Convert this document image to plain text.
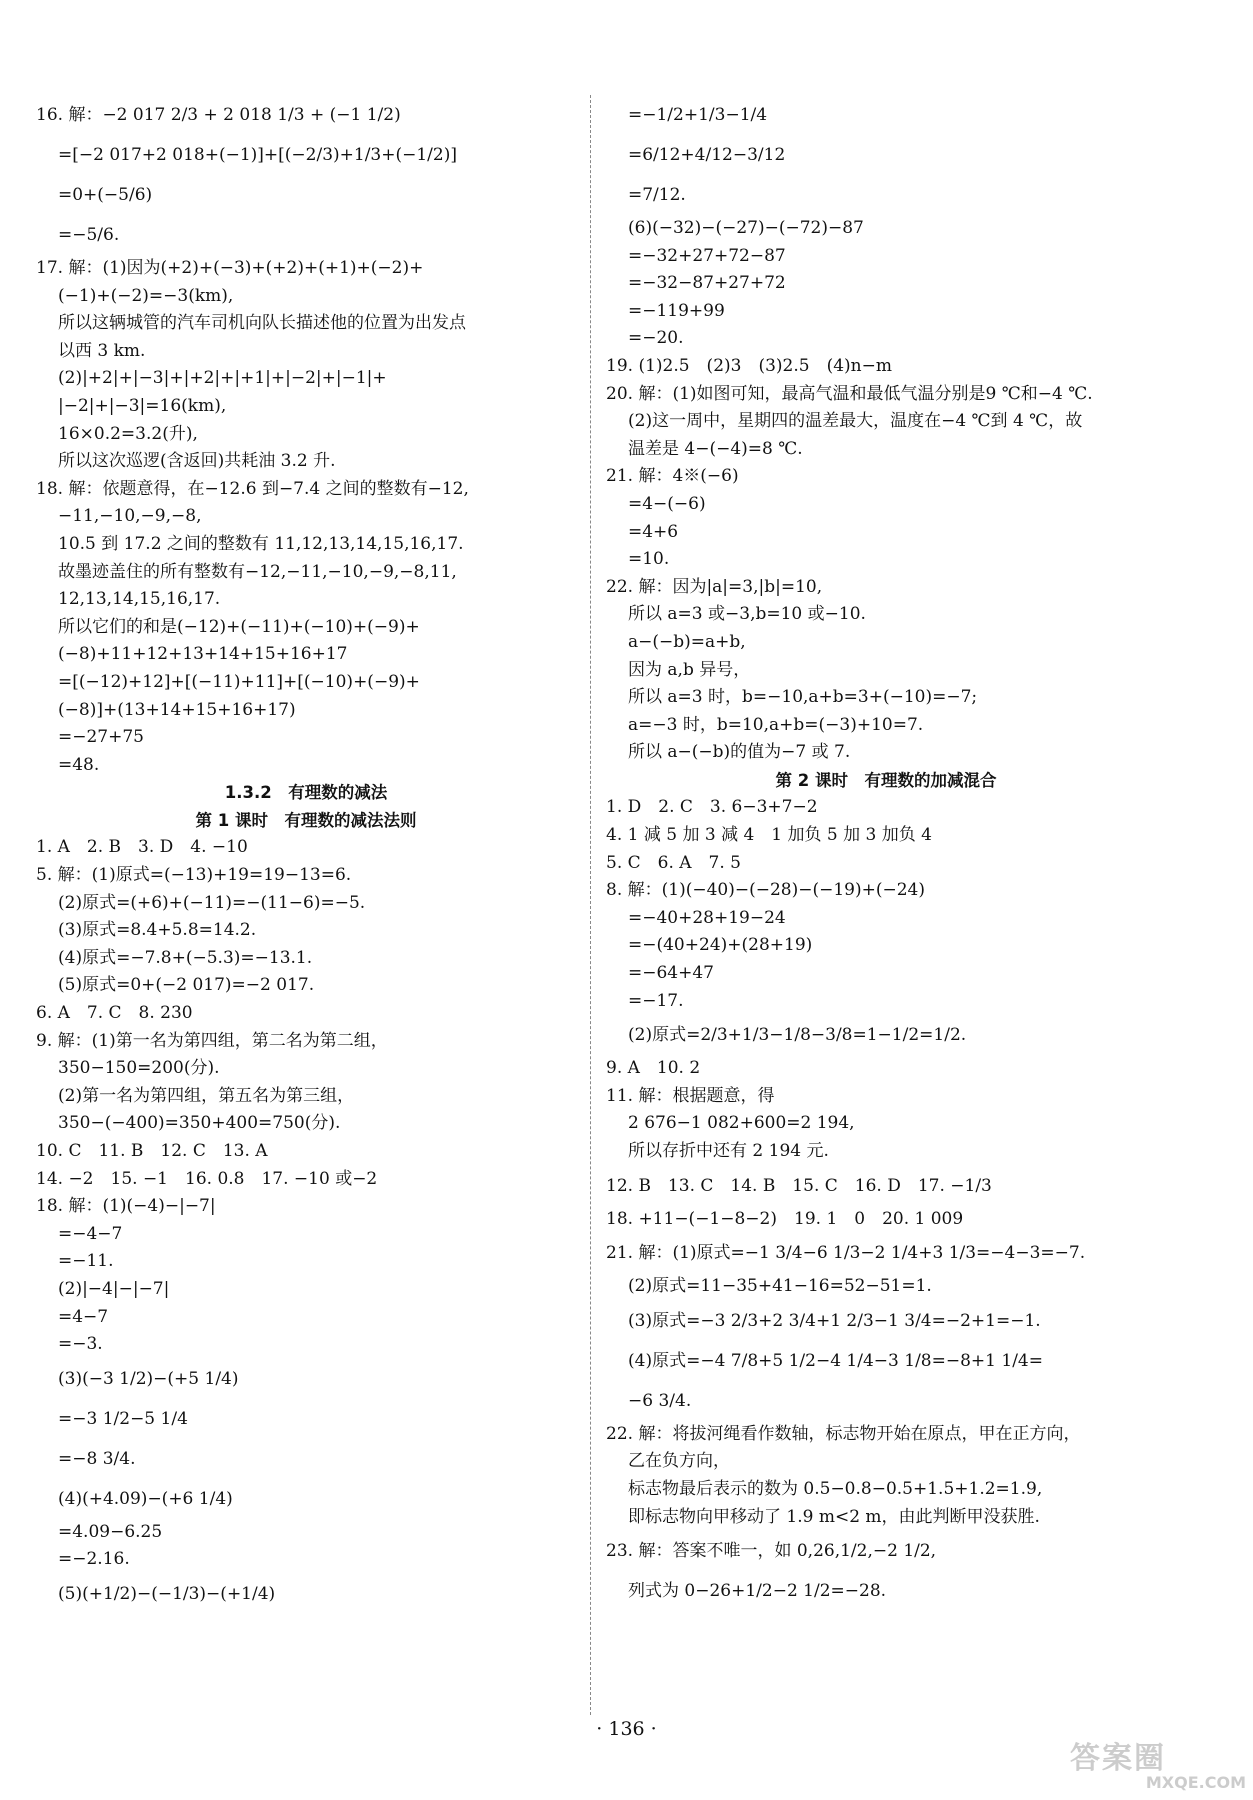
16. 解：−2 017 2/3 + 2 018 1/3 + (−1 1/2)
=[−2 017+2 018+(−1)]+[(−2/3)+1/3+(−1/2)]
=0+(−5/6)
=−5/6.
17. 解：(1)因为(+2)+(−3)+(+2)+(+1)+(−2)+
(−1)+(−2)=−3(km),
所以这辆城管的汽车司机向队长描述他的位置为出发点
以西 3 km.
(2)|+2|+|−3|+|+2|+|+1|+|−2|+|−1|+
|−2|+|−3|=16(km),
16×0.2=3.2(升),
所以这次巡逻(含返回)共耗油 3.2 升.
18. 解：依题意得，在−12.6 到−7.4 之间的整数有−12,
−11,−10,−9,−8,
10.5 到 17.2 之间的整数有 11,12,13,14,15,16,17.
故墨迹盖住的所有整数有−12,−11,−10,−9,−8,11,
12,13,14,15,16,17.
所以它们的和是(−12)+(−11)+(−10)+(−9)+
(−8)+11+12+13+14+15+16+17
=[(−12)+12]+[(−11)+11]+[(−10)+(−9)+
(−8)]+(13+14+15+16+17)
=−27+75
=48.
1.3.2　有理数的减法
第 1 课时　有理数的减法法则
1. A　2. B　3. D　4. −10
5. 解：(1)原式=(−13)+19=19−13=6.
(2)原式=(+6)+(−11)=−(11−6)=−5.
(3)原式=8.4+5.8=14.2.
(4)原式=−7.8+(−5.3)=−13.1.
(5)原式=0+(−2 017)=−2 017.
6. A　7. C　8. 230
9. 解：(1)第一名为第四组，第二名为第二组，
350−150=200(分).
(2)第一名为第四组，第五名为第三组，
350−(−400)=350+400=750(分).
10. C　11. B　12. C　13. A
14. −2　15. −1　16. 0.8　17. −10 或−2
18. 解：(1)(−4)−|−7|
=−4−7
=−11.
(2)|−4|−|−7|
=4−7
=−3.
(3)(−3 1/2)−(+5 1/4)
=−3 1/2−5 1/4
=−8 3/4.
(4)(+4.09)−(+6 1/4)
=4.09−6.25
=−2.16.
(5)(+1/2)−(−1/3)−(+1/4)
=−1/2+1/3−1/4
=6/12+4/12−3/12
=7/12.
(6)(−32)−(−27)−(−72)−87
=−32+27+72−87
=−32−87+27+72
=−119+99
=−20.
19. (1)2.5　(2)3　(3)2.5　(4)n−m
20. 解：(1)如图可知，最高气温和最低气温分别是9 ℃和−4 ℃.
(2)这一周中，星期四的温差最大，温度在−4 ℃到 4 ℃，故
温差是 4−(−4)=8 ℃.
21. 解：4※(−6)
=4−(−6)
=4+6
=10.
22. 解：因为|a|=3,|b|=10,
所以 a=3 或−3,b=10 或−10.
a−(−b)=a+b,
因为 a,b 异号，
所以 a=3 时，b=−10,a+b=3+(−10)=−7;
a=−3 时，b=10,a+b=(−3)+10=7.
所以 a−(−b)的值为−7 或 7.
第 2 课时　有理数的加减混合
1. D　2. C　3. 6−3+7−2
4. 1 减 5 加 3 减 4　1 加负 5 加 3 加负 4
5. C　6. A　7. 5
8. 解：(1)(−40)−(−28)−(−19)+(−24)
=−40+28+19−24
=−(40+24)+(28+19)
=−64+47
=−17.
(2)原式=2/3+1/3−1/8−3/8=1−1/2=1/2.
9. A　10. 2
11. 解：根据题意，得
2 676−1 082+600=2 194,
所以存折中还有 2 194 元.
12. B　13. C　14. B　15. C　16. D　17. −1/3
18. +11−(−1−8−2)　19. 1　0　20. 1 009
21. 解：(1)原式=−1 3/4−6 1/3−2 1/4+3 1/3=−4−3=−7.
(2)原式=11−35+41−16=52−51=1.
(3)原式=−3 2/3+2 3/4+1 2/3−1 3/4=−2+1=−1.
(4)原式=−4 7/8+5 1/2−4 1/4−3 1/8=−8+1 1/4=
−6 3/4.
22. 解：将拔河绳看作数轴，标志物开始在原点，甲在正方向，
乙在负方向，
标志物最后表示的数为 0.5−0.8−0.5+1.5+1.2=1.9,
即标志物向甲移动了 1.9 m<2 m，由此判断甲没获胜.
23. 解：答案不唯一，如 0,26,1/2,−2 1/2,
列式为 0−26+1/2−2 1/2=−28.
· 136 ·
答案圈
MXQE.COM
